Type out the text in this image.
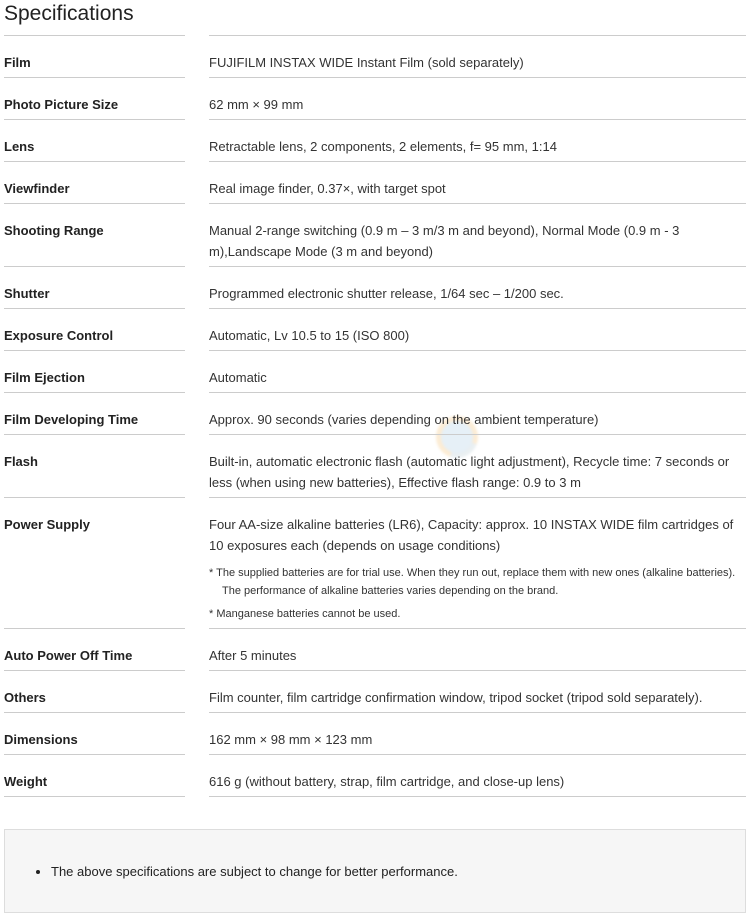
Specifications
Film	FUJIFILM INSTAX WIDE Instant Film (sold separately)
Photo Picture Size	62 mm × 99 mm
Lens	Retractable lens, 2 components, 2 elements, f= 95 mm, 1:14
Viewfinder	Real image finder, 0.37×, with target spot
Shooting Range	Manual 2-range switching (0.9 m – 3 m/3 m and beyond), Normal Mode (0.9 m - 3 m),Landscape Mode (3 m and beyond)
Shutter	Programmed electronic shutter release, 1/64 sec – 1/200 sec.
Exposure Control	Automatic, Lv 10.5 to 15 (ISO 800)
Film Ejection	Automatic
Film Developing Time	Approx. 90 seconds (varies depending on the ambient temperature)
Flash	Built-in, automatic electronic flash (automatic light adjustment), Recycle time: 7 seconds or less (when using new batteries), Effective flash range: 0.9 to 3 m
Power Supply	Four AA-size alkaline batteries (LR6), Capacity: approx. 10 INSTAX WIDE film cartridges of 10 exposures each (depends on usage conditions)
* The supplied batteries are for trial use. When they run out, replace them with new ones (alkaline batteries). The performance of alkaline batteries varies depending on the brand.
* Manganese batteries cannot be used.
Auto Power Off Time	After 5 minutes
Others	Film counter, film cartridge confirmation window, tripod socket (tripod sold separately).
Dimensions	162 mm × 98 mm × 123 mm
Weight	616 g (without battery, strap, film cartridge, and close-up lens)
• The above specifications are subject to change for better performance.
